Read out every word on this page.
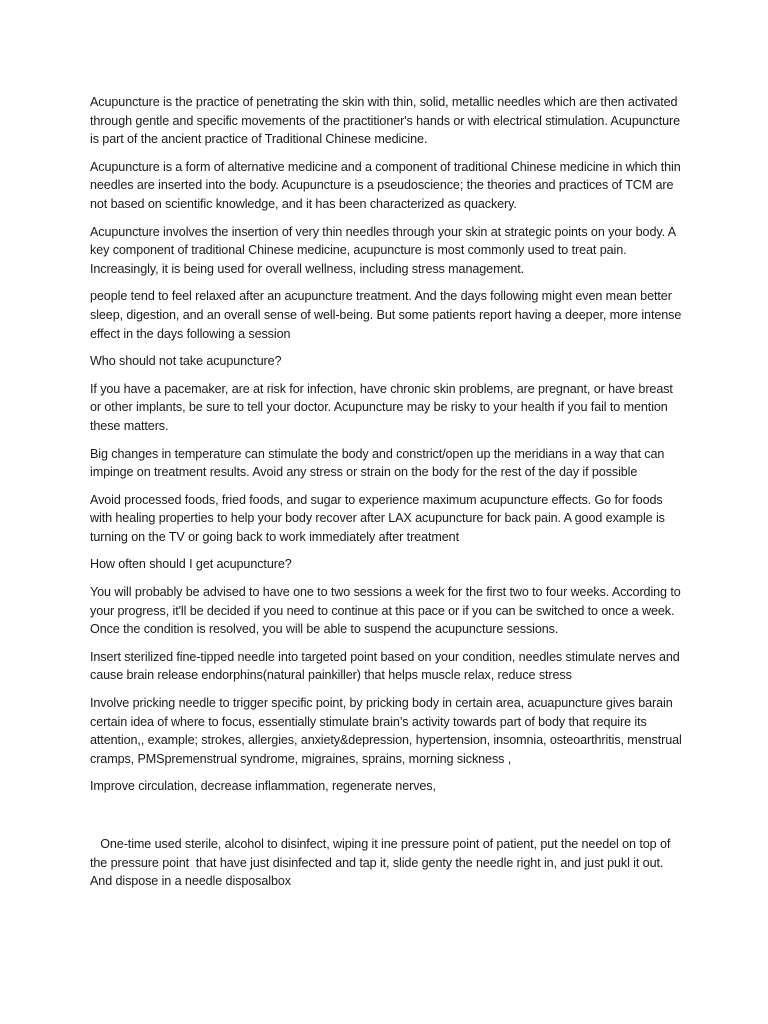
Acupuncture is the practice of penetrating the skin with thin, solid, metallic needles which are then activated through gentle and specific movements of the practitioner's hands or with electrical stimulation. Acupuncture is part of the ancient practice of Traditional Chinese medicine.

Acupuncture is a form of alternative medicine and a component of traditional Chinese medicine in which thin needles are inserted into the body. Acupuncture is a pseudoscience; the theories and practices of TCM are not based on scientific knowledge, and it has been characterized as quackery.

Acupuncture involves the insertion of very thin needles through your skin at strategic points on your body. A key component of traditional Chinese medicine, acupuncture is most commonly used to treat pain. Increasingly, it is being used for overall wellness, including stress management.

people tend to feel relaxed after an acupuncture treatment. And the days following might even mean better sleep, digestion, and an overall sense of well-being. But some patients report having a deeper, more intense effect in the days following a session

Who should not take acupuncture?

If you have a pacemaker, are at risk for infection, have chronic skin problems, are pregnant, or have breast or other implants, be sure to tell your doctor. Acupuncture may be risky to your health if you fail to mention these matters.

Big changes in temperature can stimulate the body and constrict/open up the meridians in a way that can impinge on treatment results. Avoid any stress or strain on the body for the rest of the day if possible

Avoid processed foods, fried foods, and sugar to experience maximum acupuncture effects. Go for foods with healing properties to help your body recover after LAX acupuncture for back pain. A good example is turning on the TV or going back to work immediately after treatment

How often should I get acupuncture?

You will probably be advised to have one to two sessions a week for the first two to four weeks. According to your progress, it'll be decided if you need to continue at this pace or if you can be switched to once a week. Once the condition is resolved, you will be able to suspend the acupuncture sessions.

Insert sterilized fine-tipped needle into targeted point based on your condition, needles stimulate nerves and cause brain release endorphins(natural painkiller) that helps muscle relax, reduce stress

Involve pricking needle to trigger specific point, by pricking body in certain area, acuapuncture gives barain certain idea of where to focus, essentially stimulate brain’s activity towards part of body that require its attention,, example; strokes, allergies, anxiety&depression, hypertension, insomnia, osteoarthritis, menstrual cramps, PMSpremenstrual syndrome, migraines, sprains, morning sickness ,

Improve circulation, decrease inflammation, regenerate nerves,

One-time used sterile, alcohol to disinfect, wiping it ine pressure point of patient, put the needel on top of the pressure point  that have just disinfected and tap it, slide genty the needle right in, and just pukl it out. And dispose in a needle disposalbox
